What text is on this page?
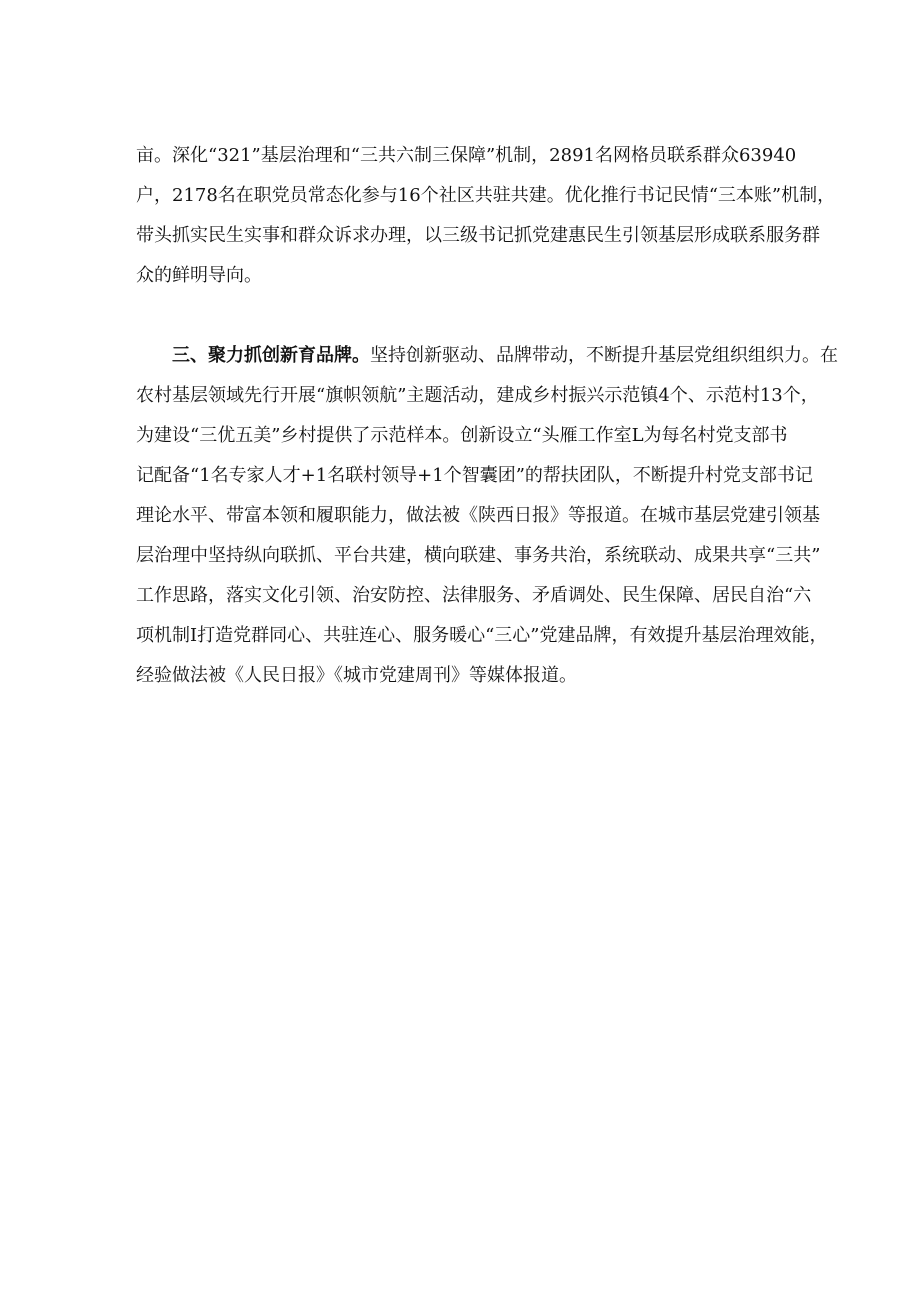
亩。深化“321”基层治理和“三共六制三保障”机制，2891名网格员联系群众63940
户，2178名在职党员常态化参与16个社区共驻共建。优化推行书记民情“三本账”机制，
带头抓实民生实事和群众诉求办理，以三级书记抓党建惠民生引领基层形成联系服务群
众的鲜明导向。
三、聚力抓创新育品牌。坚持创新驱动、品牌带动，不断提升基层党组织组织力。在
农村基层领域先行开展“旗帜领航”主题活动，建成乡村振兴示范镇4个、示范村13个，
为建设“三优五美”乡村提供了示范样本。创新设立“头雁工作室L为每名村党支部书
记配备“1名专家人才+1名联村领导+1个智囊团”的帮扶团队，不断提升村党支部书记
理论水平、带富本领和履职能力，做法被《陕西日报》等报道。在城市基层党建引领基
层治理中坚持纵向联抓、平台共建，横向联建、事务共治，系统联动、成果共享“三共”
工作思路，落实文化引领、治安防控、法律服务、矛盾调处、民生保障、居民自治“六
项机制I打造党群同心、共驻连心、服务暖心“三心”党建品牌，有效提升基层治理效能，
经验做法被《人民日报》《城市党建周刊》等媒体报道。
